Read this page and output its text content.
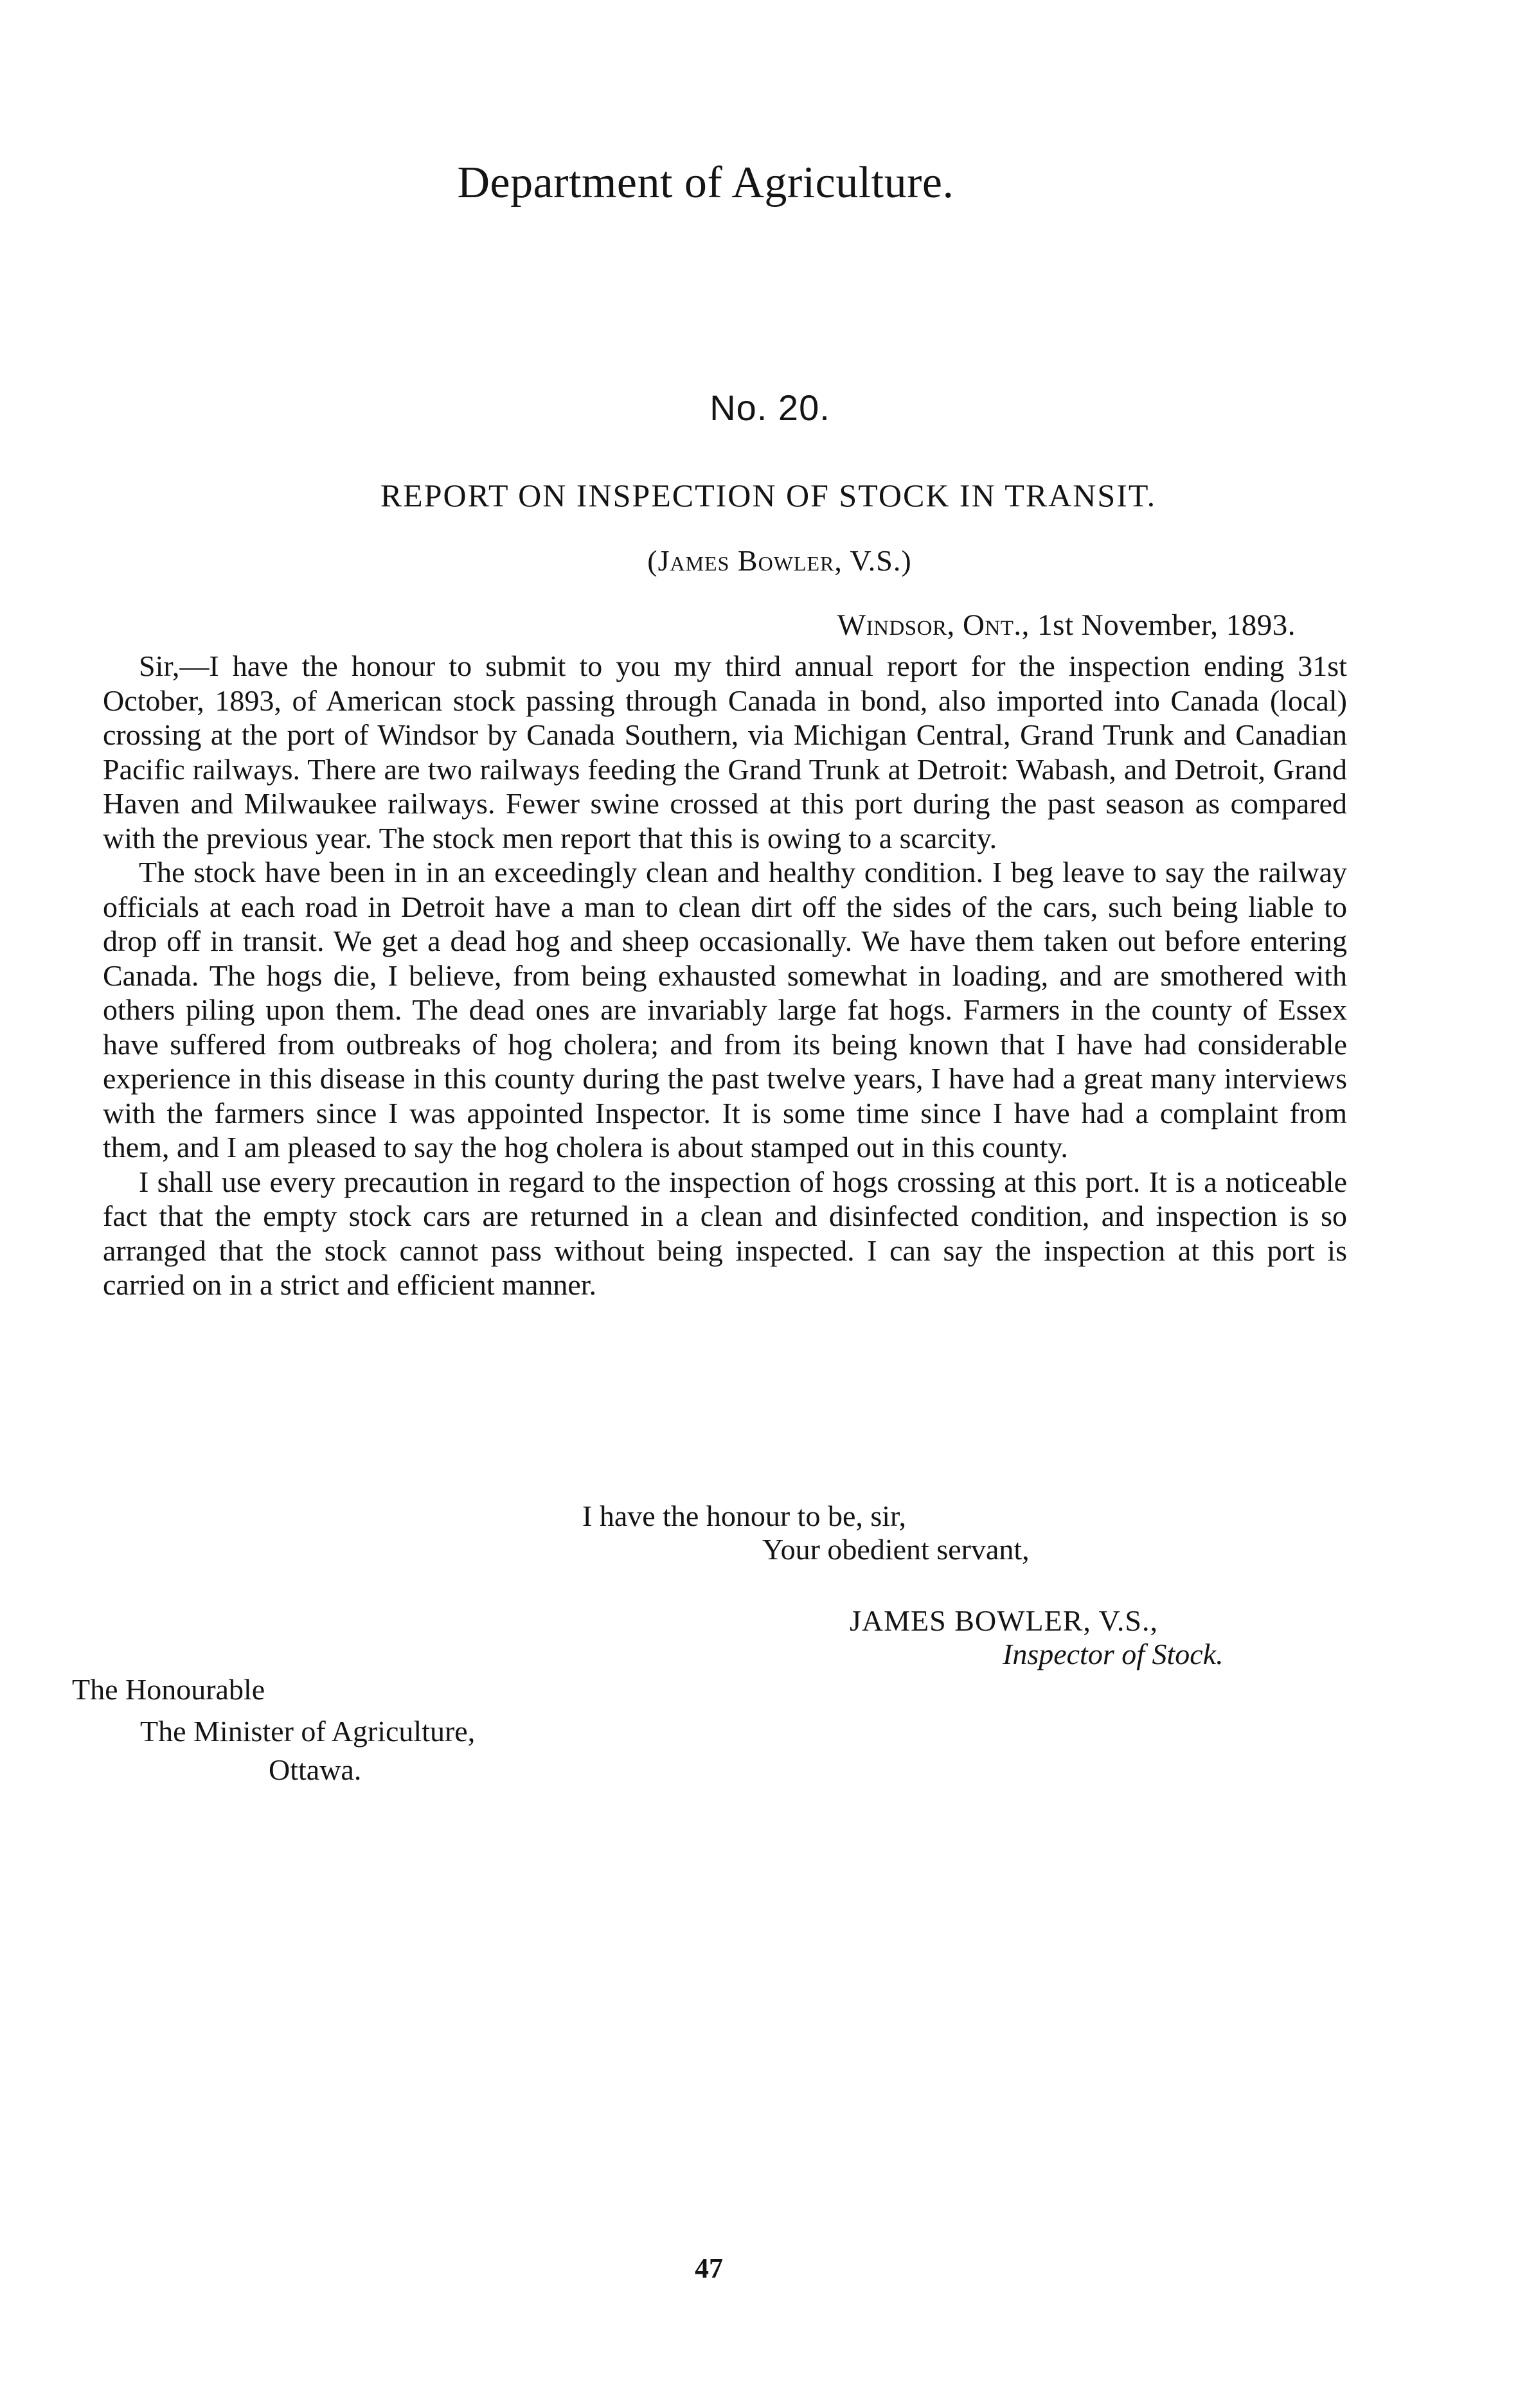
Department of Agriculture.
No. 20.
REPORT ON INSPECTION OF STOCK IN TRANSIT.
(James Bowler, V.S.)
Windsor, Ont., 1st November, 1893.

Sir,—I have the honour to submit to you my third annual report for the inspection ending 31st October, 1893, of American stock passing through Canada in bond, also imported into Canada (local) crossing at the port of Windsor by Canada Southern, via Michigan Central, Grand Trunk and Canadian Pacific railways. There are two railways feeding the Grand Trunk at Detroit: Wabash, and Detroit, Grand Haven and Milwaukee railways. Fewer swine crossed at this port during the past season as compared with the previous year. The stock men report that this is owing to a scarcity.

The stock have been in in an exceedingly clean and healthy condition. I beg leave to say the railway officials at each road in Detroit have a man to clean dirt off the sides of the cars, such being liable to drop off in transit. We get a dead hog and sheep occasionally. We have them taken out before entering Canada. The hogs die, I believe, from being exhausted somewhat in loading, and are smothered with others piling upon them. The dead ones are invariably large fat hogs. Farmers in the county of Essex have suffered from outbreaks of hog cholera; and from its being known that I have had considerable experience in this disease in this county during the past twelve years, I have had a great many interviews with the farmers since I was appointed Inspector. It is some time since I have had a complaint from them, and I am pleased to say the hog cholera is about stamped out in this county.

I shall use every precaution in regard to the inspection of hogs crossing at this port. It is a noticeable fact that the empty stock cars are returned in a clean and disinfected condition, and inspection is so arranged that the stock cannot pass without being inspected. I can say the inspection at this port is carried on in a strict and efficient manner.

I have the honour to be, sir,
Your obedient servant,
JAMES BOWLER, V.S.,
Inspector of Stock.
The Honourable
The Minister of Agriculture,
Ottawa.
47
